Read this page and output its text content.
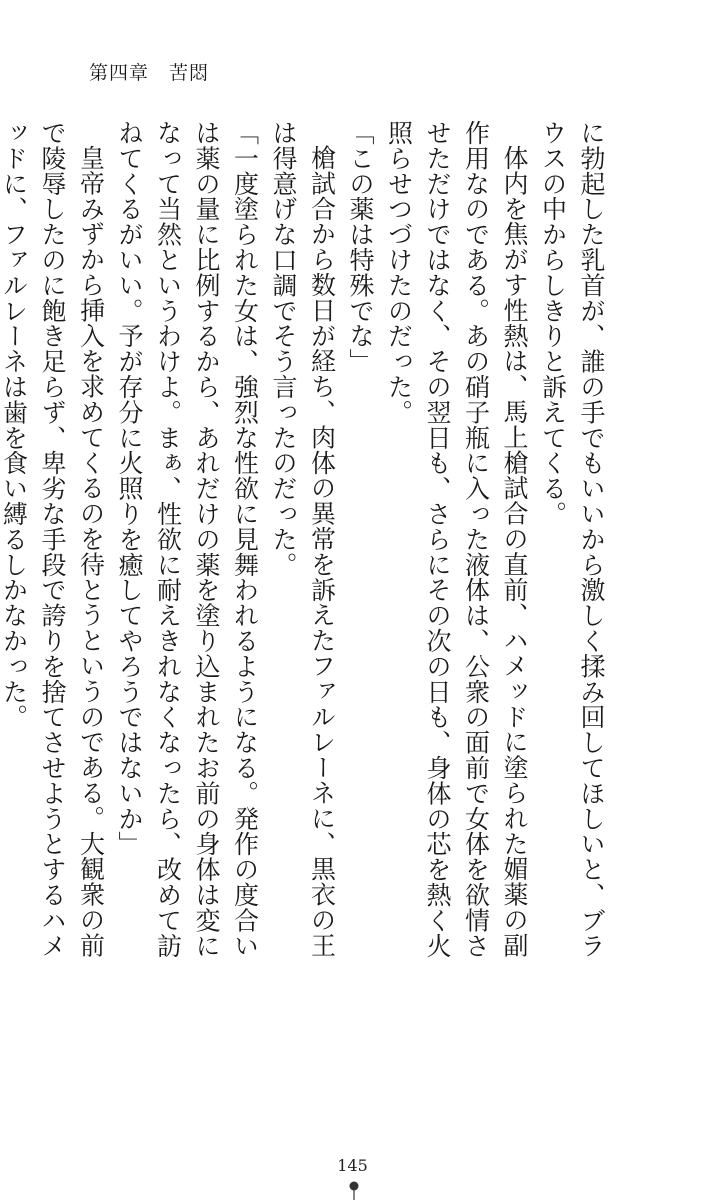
第四章　苦悶

に勃起した乳首が、誰の手でもいいから激しく揉み回してほしいと、ブラウスの中からしきりと訴えてくる。

体内を焦がす性熱は、馬上槍試合の直前、ハメッドに塗られた媚薬の副作用なのである。あの硝子瓶に入った液体は、公衆の面前で女体を欲情させただけではなく、その翌日も、さらにその次の日も、身体の芯を熱く火照らせつづけたのだった。

「この薬は特殊でな」

槍試合から数日が経ち、肉体の異常を訴えたファルレーネに、黒衣の王は得意げな口調でそう言ったのだった。

「一度塗られた女は、強烈な性欲に見舞われるようになる。発作の度合いは薬の量に比例するから、あれだけの薬を塗り込まれたお前の身体は変になって当然というわけよ。まぁ、性欲に耐えきれなくなったら、改めて訪ねてくるがいい。予が存分に火照りを癒してやろうではないか」

皇帝みずから挿入を求めてくるのを待とうというのである。大観衆の前で陵辱したのに飽き足らず、卑劣な手段で誇りを捨てさせようとするハメッドに、ファルレーネは歯を食い縛るしかなかった。

145
